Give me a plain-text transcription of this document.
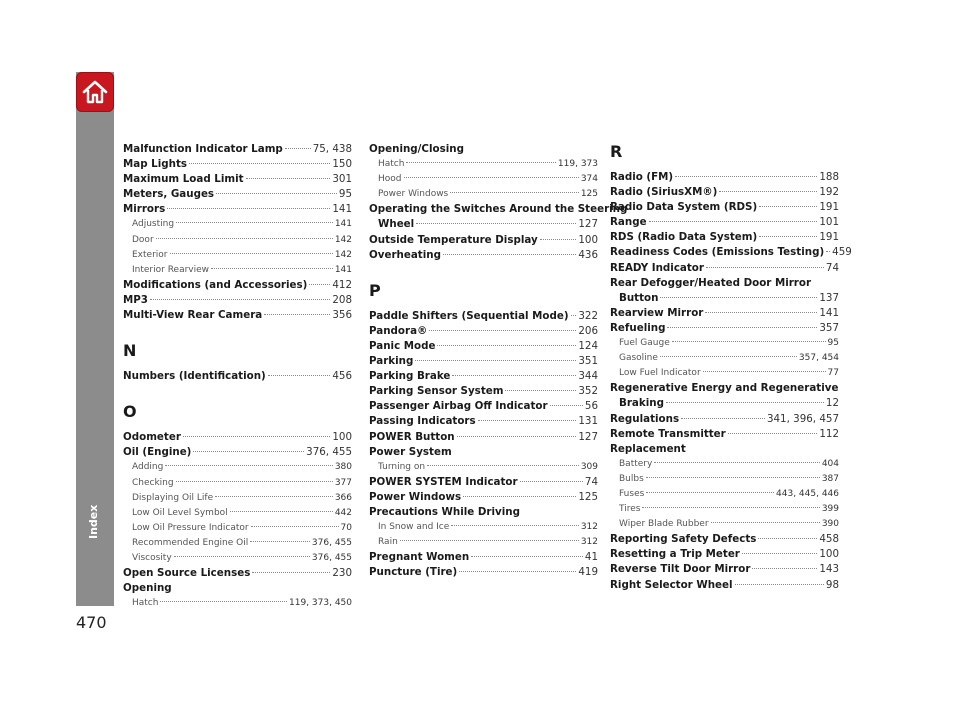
Index
470
Malfunction Indicator Lamp	75, 438
Map Lights	150
Maximum Load Limit	301
Meters, Gauges	95
Mirrors	141
Adjusting	141
Door	142
Exterior	142
Interior Rearview	141
Modifications (and Accessories) 412
MP3	208
Multi-View Rear Camera	356
N
Numbers (Identification)	456
O
Odometer	100
Oil (Engine)	376, 455
Adding	380
Checking	377
Displaying Oil Life	366
Low Oil Level Symbol	442
Low Oil Pressure Indicator	70
Recommended Engine Oil	376, 455
Viscosity	376, 455
Open Source Licenses	230
Opening
Hatch	119, 373, 450
Opening/Closing
Hatch	119, 373
Hood	374
Power Windows	125
Operating the Switches Around the Steering
Wheel	127
Outside Temperature Display	100
Overheating	436
P
Paddle Shifters (Sequential Mode) 322
Pandora®	206
Panic Mode	124
Parking	351
Parking Brake	344
Parking Sensor System	352
Passenger Airbag Off Indicator	56
Passing Indicators	131
POWER Button	127
Power System
Turning on	309
POWER SYSTEM Indicator	74
Power Windows	125
Precautions While Driving
In Snow and Ice	312
Rain	312
Pregnant Women	41
Puncture (Tire)	419
R
Radio (FM)	188
Radio (SiriusXM®)	192
Radio Data System (RDS)	191
Range	101
RDS (Radio Data System)	191
Readiness Codes (Emissions Testing) 459
READY Indicator	74
Rear Defogger/Heated Door Mirror
Button	137
Rearview Mirror	141
Refueling	357
Fuel Gauge	95
Gasoline	357, 454
Low Fuel Indicator	77
Regenerative Energy and Regenerative
Braking	12
Regulations	341, 396, 457
Remote Transmitter	112
Replacement
Battery	404
Bulbs	387
Fuses	443, 445, 446
Tires	399
Wiper Blade Rubber	390
Reporting Safety Defects	458
Resetting a Trip Meter	100
Reverse Tilt Door Mirror	143
Right Selector Wheel	98
